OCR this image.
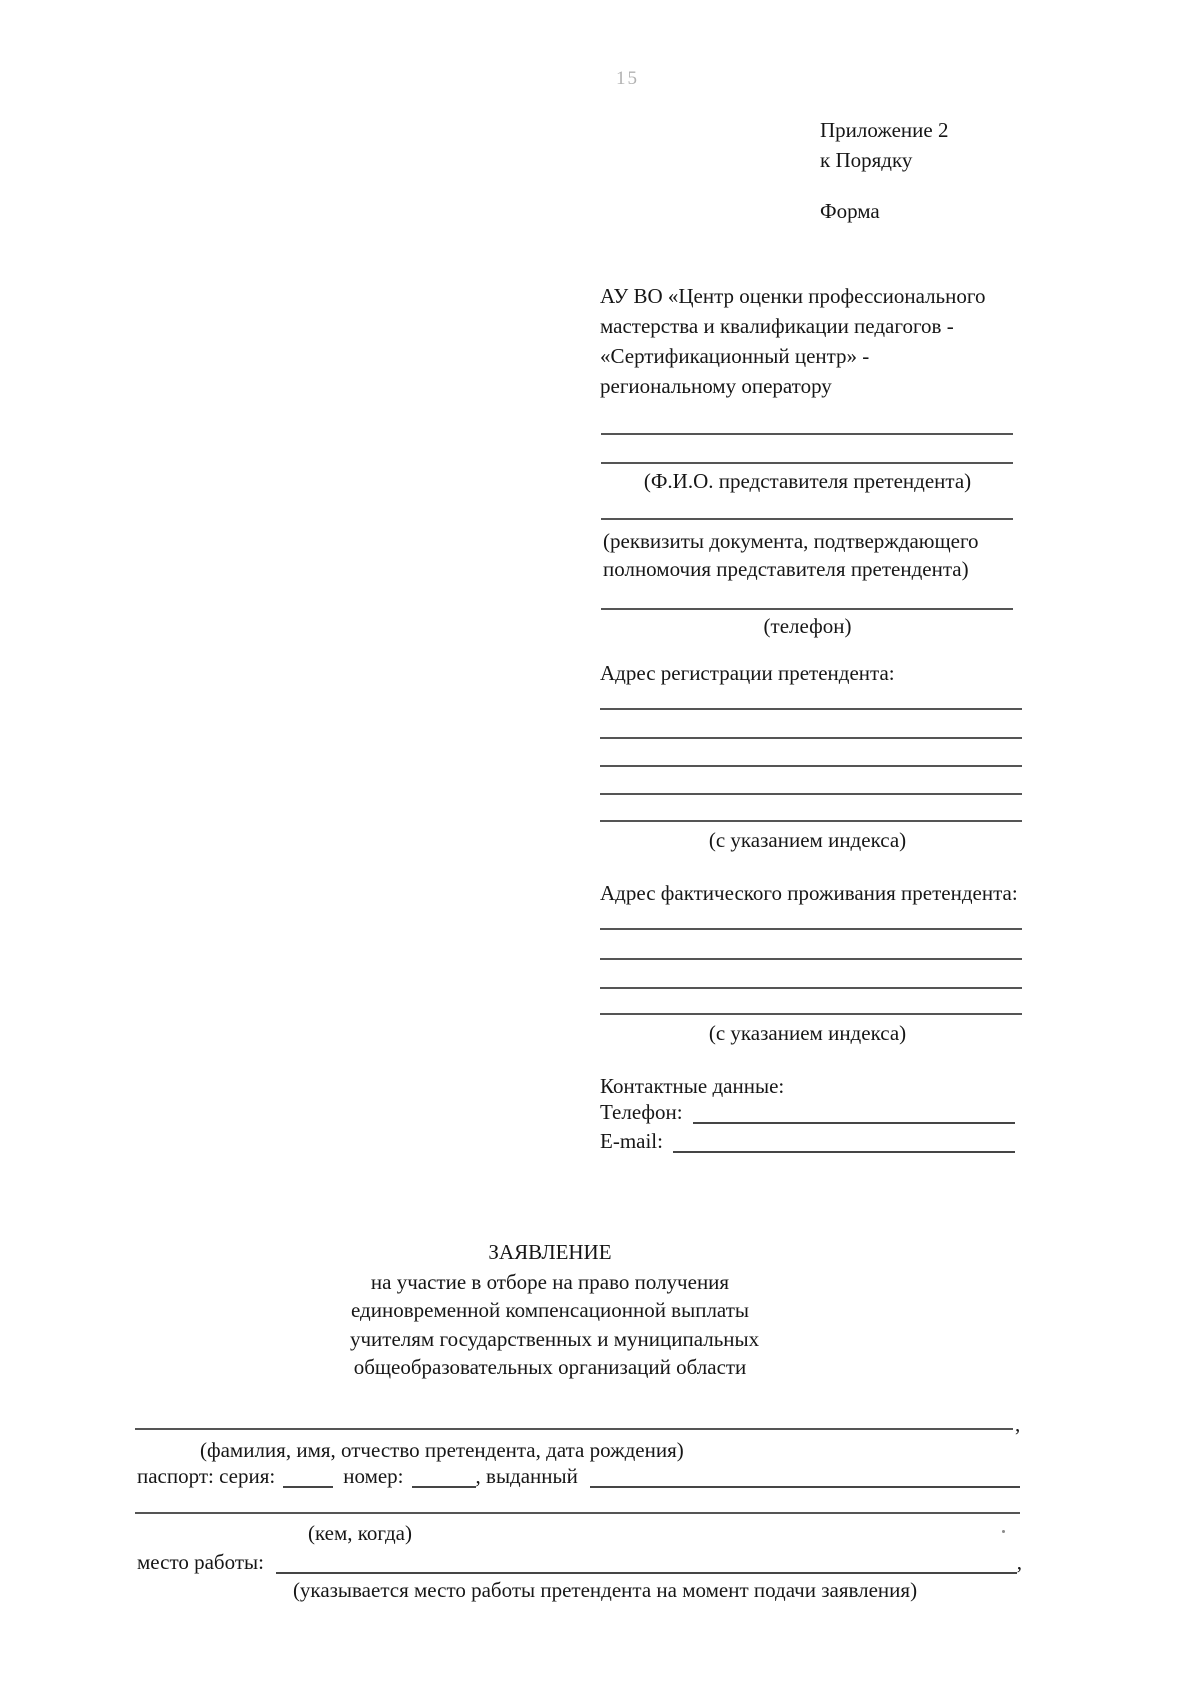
15
Приложение 2
к Порядку
Форма
АУ ВО «Центр оценки профессионального
мастерства и квалификации педагогов -
«Сертификационный центр» -
региональному оператору
(Ф.И.О. представителя претендента)
(реквизиты документа, подтверждающего
полномочия представителя претендента)
(телефон)
Адрес регистрации претендента:
(с указанием индекса)
Адрес фактического проживания претендента:
(с указанием индекса)
Контактные данные:
Телефон:
E-mail:
ЗАЯВЛЕНИЕ
на участие в отборе на право получения
единовременной компенсационной выплаты
учителям государственных и муниципальных
общеобразовательных организаций области
,
(фамилия, имя, отчество претендента, дата рождения)
паспорт: серия:	номер:	, выданный
(кем, когда)
место работы:	,
(указывается место работы претендента на момент подачи заявления)
